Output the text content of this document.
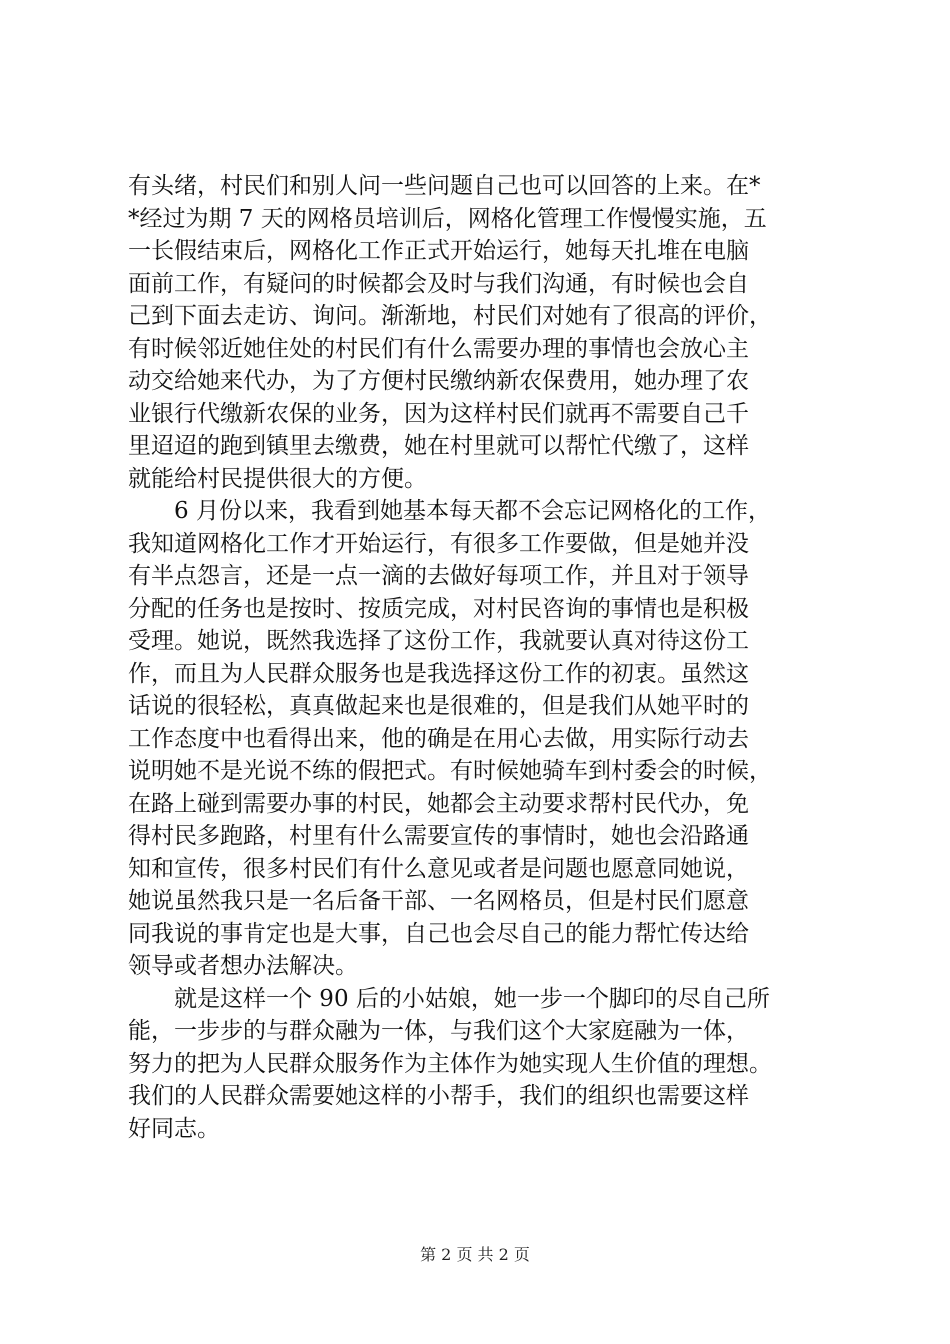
有头绪，村民们和别人问一些问题自己也可以回答的上来。在*
*经过为期 7 天的网格员培训后，网格化管理工作慢慢实施，五
一长假结束后，网格化工作正式开始运行，她每天扎堆在电脑
面前工作，有疑问的时候都会及时与我们沟通，有时候也会自
己到下面去走访、询问。渐渐地，村民们对她有了很高的评价，
有时候邻近她住处的村民们有什么需要办理的事情也会放心主
动交给她来代办，为了方便村民缴纳新农保费用，她办理了农
业银行代缴新农保的业务，因为这样村民们就再不需要自己千
里迢迢的跑到镇里去缴费，她在村里就可以帮忙代缴了，这样
就能给村民提供很大的方便。
　　6 月份以来，我看到她基本每天都不会忘记网格化的工作，
我知道网格化工作才开始运行，有很多工作要做，但是她并没
有半点怨言，还是一点一滴的去做好每项工作，并且对于领导
分配的任务也是按时、按质完成，对村民咨询的事情也是积极
受理。她说，既然我选择了这份工作，我就要认真对待这份工
作，而且为人民群众服务也是我选择这份工作的初衷。虽然这
话说的很轻松，真真做起来也是很难的，但是我们从她平时的
工作态度中也看得出来，他的确是在用心去做，用实际行动去
说明她不是光说不练的假把式。有时候她骑车到村委会的时候，
在路上碰到需要办事的村民，她都会主动要求帮村民代办，免
得村民多跑路，村里有什么需要宣传的事情时，她也会沿路通
知和宣传，很多村民们有什么意见或者是问题也愿意同她说，
她说虽然我只是一名后备干部、一名网格员，但是村民们愿意
同我说的事肯定也是大事，自己也会尽自己的能力帮忙传达给
领导或者想办法解决。
　　就是这样一个 90 后的小姑娘，她一步一个脚印的尽自己所
能，一步步的与群众融为一体，与我们这个大家庭融为一体，
努力的把为人民群众服务作为主体作为她实现人生价值的理想。
我们的人民群众需要她这样的小帮手，我们的组织也需要这样
好同志。
第 2 页 共 2 页
